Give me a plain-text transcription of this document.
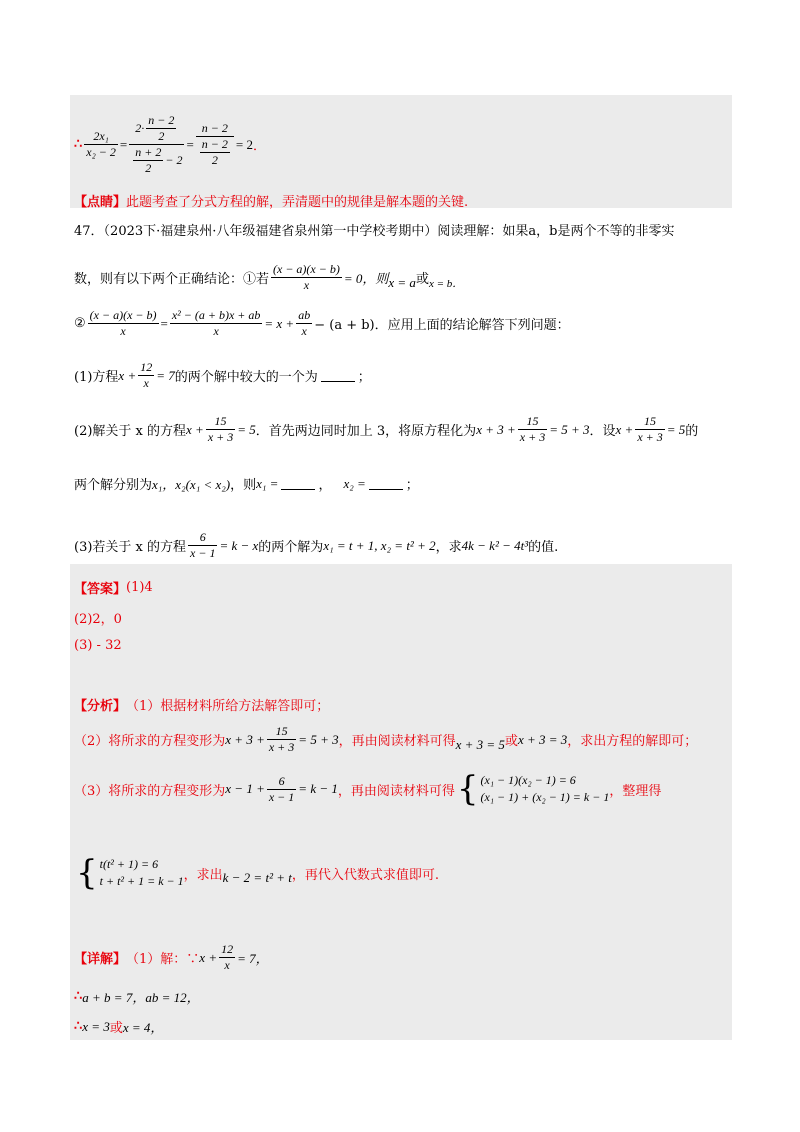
∴ $\frac{\text{2x₁}}{\text{x₂ − 2}} = \frac{2\cdot \frac{n - 2}{2}}{\frac{n + 2}{2} - 2} = \frac{n - 2}{\frac{n - 2}{2}} = 2$ ．
【点睛】 此题考查了分式方程的解，弄清题中的规律是解本题的关键.
47．（2023下·福建泉州·八年级福建省泉州第一中学校考期中）阅读理解：如果a，b是两个不等的非零实
数，则有以下两个正确结论：①若 $\frac{(x - a)(x - b)}{x} = 0$，则 x = a 或 x = b．
② $\frac{(x - a)(x - b)}{x} = \frac{\text{x² − (a + b)x + ab}}{x} = x + \frac{ab}{x} - (a + b)$．应用上面的结论解答下列问题：
(1)方程 $x + \frac{12}{x} = 7$ 的两个解中较大的一个为	；
(2)解关于 x 的方程 $x + \frac{15}{x + 3} = 5$ ．首先两边同时加上 3，将原方程化为 $x + 3 + \frac{15}{x + 3} = 5 + 3$ ．设 $x + \frac{15}{x + 3} = 5$ 的
两个解分别为 x₁，x₂(x₁ < x₂) ，则 x₁ =	， x₂ =	；
(3)若关于 x 的方程 $\frac{6}{x - 1} = k - x$ 的两个解为 x₁ = t + 1, x₂ = t² + 2 ，求 4k − k² − 4t³ 的值.
【答案】 (1)4
(2)2，0
(3) - 32
【分析】 （1）根据材料所给方法解答即可；
（2）将所求的方程变形为 $x + 3 + \frac{15}{x + 3} = 5 + 3$ ，再由阅读材料可得 x + 3 = 5 或 x + 3 = 3 ，求出方程的解即可；
（3）将所求的方程变形为 $x - 1 + \frac{6}{x - 1} = k - 1$ ，再由阅读材料可得 { (x₁ − 1)(x₂ − 1) = 6
(x₁ − 1) + (x₂ − 1) = k − 1 ，整理得
{ t(t² + 1) = 6
t + t² + 1 = k − 1 ，求出 k − 2 = t² + t ，再代入代数式求值即可.
【详解】 （1）解：∵ $x + \frac{12}{x} = 7$，
∴ a + b = 7，ab = 12，
∴ x = 3 或 x = 4，
